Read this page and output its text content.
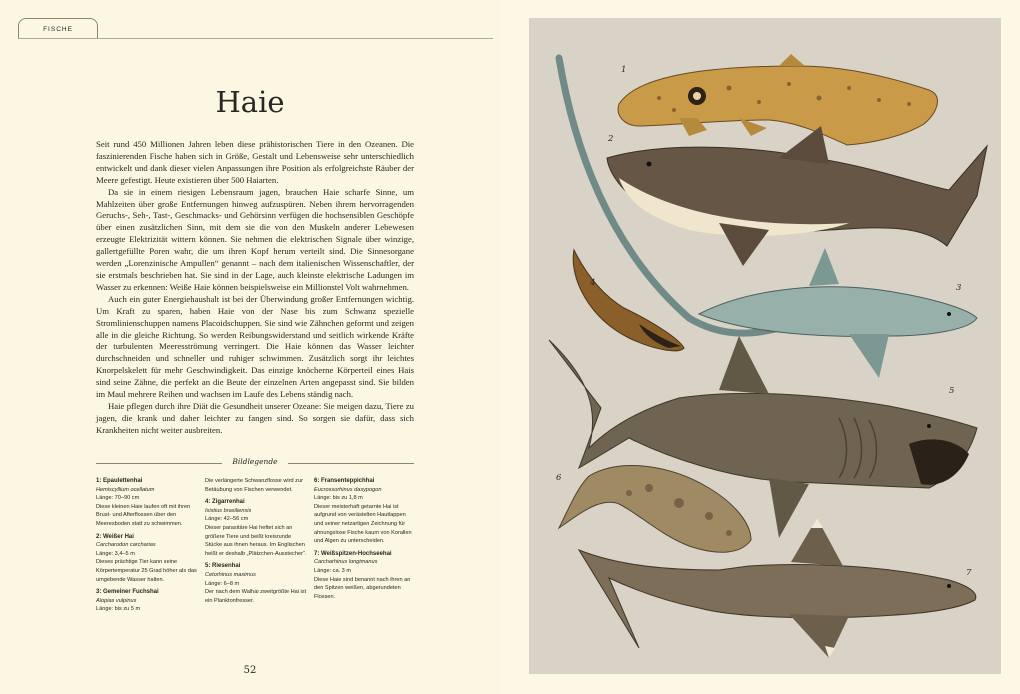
FISCHE
Haie

Seit rund 450 Millionen Jahren leben diese prähistorischen Tiere in den Ozeanen. Die faszinierenden Fische haben sich in Größe, Gestalt und Lebensweise sehr unterschiedlich entwickelt und dank dieser vielen Anpassungen ihre Position als erfolgreichste Räuber der Meere gefestigt. Heute existieren über 500 Haiarten.

Da sie in einem riesigen Lebensraum jagen, brauchen Haie scharfe Sinne, um Mahlzeiten über große Entfernungen hinweg aufzuspüren. Neben ihrem hervorragenden Geruchs-, Seh-, Tast-, Geschmacks- und Gehörsinn verfügen die hochsensiblen Geschöpfe über einen zusätzlichen Sinn, mit dem sie die von den Muskeln anderer Lebewesen erzeugte Elektrizität wittern können. Sie nehmen die elektrischen Signale über winzige, gallertgefüllte Poren wahr, die um ihren Kopf herum verteilt sind. Die Sinnesorgane werden „Lorenzinische Ampullen“ genannt – nach dem italienischen Wissenschaftler, der sie erstmals beschrieben hat. Sie sind in der Lage, auch kleinste elektrische Ladungen im Wasser zu erkennen: Weiße Haie können beispielsweise ein Millionstel Volt wahrnehmen.

Auch ein guter Energiehaushalt ist bei der Überwindung großer Entfernungen wichtig. Um Kraft zu sparen, haben Haie von der Nase bis zum Schwanz spezielle Stromlinienschuppen namens Placoidschuppen. Sie sind wie Zähnchen geformt und zeigen alle in die gleiche Richtung. So werden Reibungswiderstand und seitlich wirkende Kräfte der turbulenten Meeresströmung verringert. Die Haie können das Wasser leichter durchschneiden und schneller und ruhiger schwimmen. Zusätzlich sorgt ihr leichtes Knorpelskelett für mehr Geschwindigkeit. Das einzige knöcherne Körperteil eines Hais sind seine Zähne, die perfekt an die Beute der einzelnen Arten angepasst sind. Sie bilden im Maul mehrere Reihen und wachsen im Laufe des Lebens ständig nach.

Haie pflegen durch ihre Diät die Gesundheit unserer Ozeane: Sie meigen dazu, Tiere zu jagen, die krank und daher leichter zu fangen sind. So sorgen sie dafür, dass sich Krankheiten nicht weiter ausbreiten.

Bildlegende
1: Epaulettenhai
Hemiscyllium ocellatum
Länge: 70–90 cm
Diese kleinen Haie laufen oft mit ihren Brust- und Afterflossen über den Meeresboden statt zu schwimmen.
2: Weißer Hai
Carcharodon carcharias
Länge: 3,4–5 m
Dieses prächtige Tier kann seine Körpertemperatur 25 Grad höher als das umgebende Wasser halten.
3: Gemeiner Fuchshai
Alopias vulpinus
Länge: bis zu 5 m
Die verlängerte Schwanzflosse wird zur Betäubung von Fischen verwendet.
4: Zigarrenhai
Isistius brasiliensis
Länge: 42–56 cm
Dieser parasitäre Hai heftet sich an größere Tiere und beißt kreisrunde Stücke aus ihnen heraus. Im Englischen heißt er deshalb „Plätzchen-Ausstecher“.
5: Riesenhai
Cetorhinus maximus
Länge: 6–8 m
Der nach dem Walhai zweitgrößte Hai ist ein Planktonfresser.
6: Fransenteppichhai
Eucrossorhinus dasypogon
Länge: bis zu 1,8 m
Dieser meisterhaft getarnte Hai ist aufgrund von verästelten Hautlappen und seiner netzartigen Zeichnung für ahnungslose Fische kaum von Korallen und Algen zu unterscheiden.
7: Weißspitzen-Hochseehai
Carcharhinus longimanus
Länge: ca. 3 m
Diese Haie sind benannt nach ihren an den Spitzen weißen, abgerundeten Flossen.
52
1
2
3
4
5
6
7
